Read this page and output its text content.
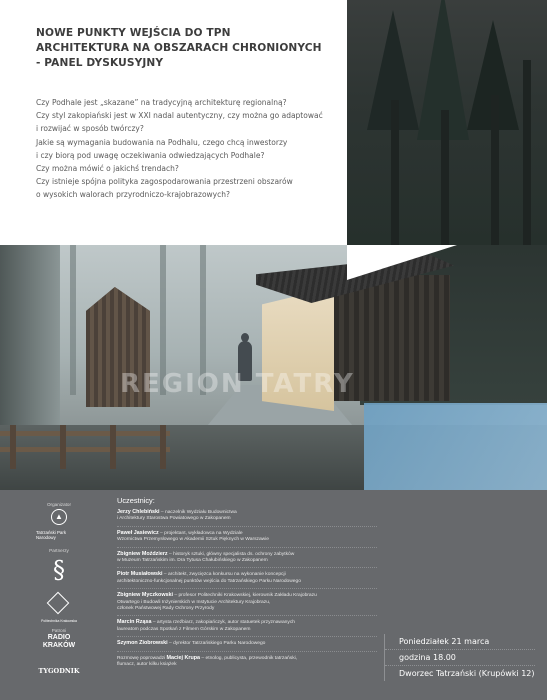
NOWE PUNKTY WEJŚCIA DO TPN
ARCHITEKTURA NA OBSZARACH CHRONIONYCH
- PANEL DYSKUSYJNY
Czy Podhale jest „skazane” na tradycyjną architekturę regionalną?
Czy styl zakopiański jest w XXI nadal autentyczny, czy można go adaptować
i rozwijać w sposób twórczy?
Jakie są wymagania budowania na Podhalu, czego chcą inwestorzy
i czy biorą pod uwagę oczekiwania odwiedzających Podhale?
Czy można mówić o jakichś trendach?
Czy istnieje spójna polityka zagospodarowania przestrzeni obszarów
o wysokich walorach przyrodniczo-krajobrazowych?
REGION TATRY
Organizator
▲Tatrzański Park Narodowy
Partnerzy
§
Politechnika Krakowska
Patroni
RADIO
KRAKÓW
TYGODNIK
Uczestnicy:
Jerzy Chlebiński – naczelnik Wydziału Budownictwa
i Architektury Starostwa Powiatowego w Zakopanem
Paweł Jasiewicz – projektant, wykładowca na Wydziale
Wzornictwa Przemysłowego w Akademii Sztuk Pięknych w Warszawie
Zbigniew Moździerz – historyk sztuki, główny specjalista ds. ochrony zabytków
w Muzeum Tatrzańskim im. Dra Tytusa Chałubińskiego w Zakopanem
Piotr Musiałowski – architekt, zwycięzca konkursu na wykonanie koncepcji
architektoniczno-funkcjonalnej punktów wejścia do Tatrzańskiego Parku Narodowego
Zbigniew Myczkowski – profesor Politechniki Krakowskiej, kierownik Zakładu Krajobrazu
Otwartego i Budowli Inżynierskich w Instytucie Architektury Krajobrazu,
członek Państwowej Rady Ochrony Przyrody
Marcin Rząsa – artysta rzeźbiarz, zakopiańczyk, autor statuetek przyznawanych
laureatom podczas Spotkań z Filmem Górskim w Zakopanem
Szymon Ziobrowski – dyrektor Tatrzańskiego Parku Narodowego
Rozmowę poprowadzi Maciej Krupa – etnolog, publicysta, przewodnik tatrzański,
flumacz, autor kilku książek
Poniedziałek 21 marca
godzina 18.00
Dworzec Tatrzański (Krupówki 12)
